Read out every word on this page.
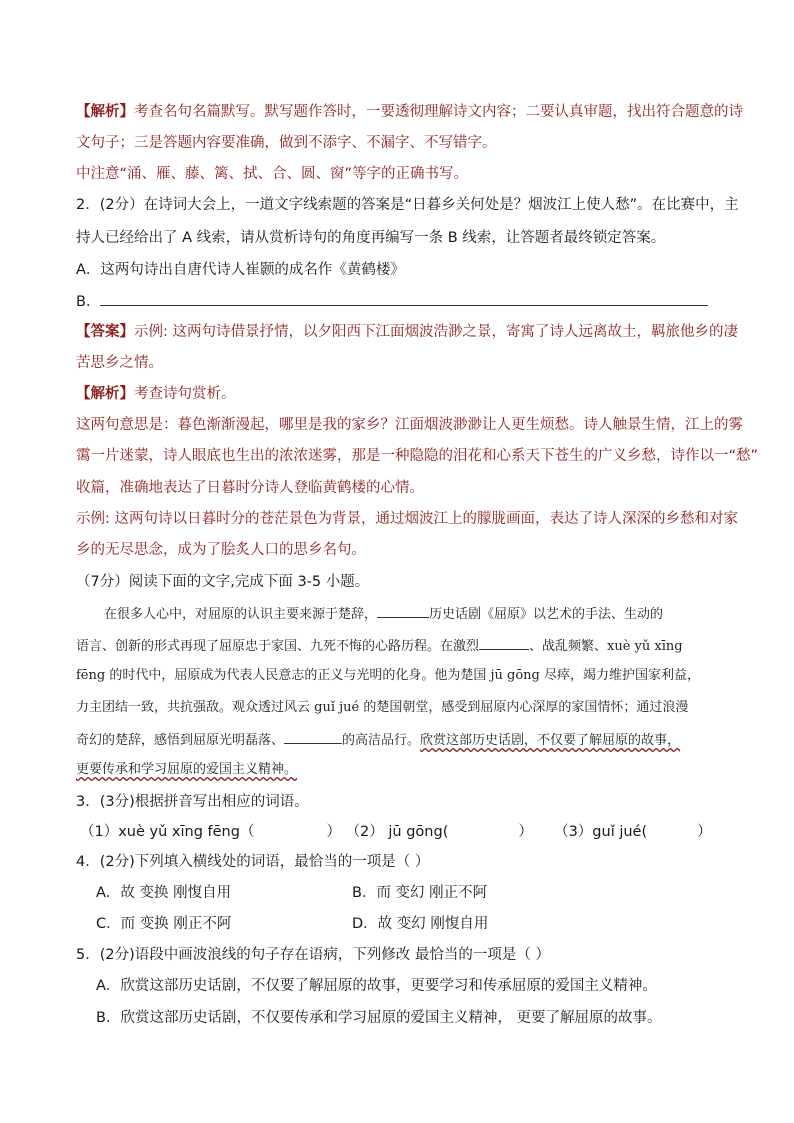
【解析】考查名句名篇默写。默写题作答时，一要透彻理解诗文内容；二要认真审题，找出符合题意的诗
文句子；三是答题内容要准确，做到不添字、不漏字、不写错字。
中注意“涌、雁、藤、篱、拭、合、圆、窗”等字的正确书写。
2．(2分）在诗词大会上，一道文字线索题的答案是“日暮乡关何处是？烟波江上使人愁”。在比赛中，主
持人已经给出了 A 线索，请从赏析诗句的角度再编写一条 B 线索，让答题者最终锁定答案。
A．这两句诗出自唐代诗人崔颢的成名作《黄鹤楼》
B．
【答案】示例: 这两句诗借景抒情，以夕阳西下江面烟波浩渺之景，寄寓了诗人远离故土，羁旅他乡的凄
苦思乡之情。
【解析】考查诗句赏析。
这两句意思是：暮色渐渐漫起，哪里是我的家乡？江面烟波渺渺让人更生烦愁。诗人触景生情，江上的雾
霭一片迷蒙，诗人眼底也生出的浓浓迷雾，那是一种隐隐的泪花和心系天下苍生的广义乡愁，诗作以一“愁”
收篇，准确地表达了日暮时分诗人登临黄鹤楼的心情。
示例: 这两句诗以日暮时分的苍茫景色为背景，通过烟波江上的朦胧画面，表达了诗人深深的乡愁和对家
乡的无尽思念，成为了脍炙人口的思乡名句。
（7分）阅读下面的文字,完成下面 3-5 小题。
在很多人心中，对屈原的认识主要来源于楚辞，	历史话剧《屈原》以艺术的手法、生动的
语言、创新的形式再现了屈原忠于家国、九死不悔的心路历程。在激烈	、战乱频繁、xuè yǔ xīng
fēng 的时代中，屈原成为代表人民意志的正义与光明的化身。他为楚国 jū gōng 尽瘁，竭力维护国家利益，
力主团结一致，共抗强敌。观众透过风云 guǐ jué 的楚国朝堂，感受到屈原内心深厚的家国情怀；通过浪漫
奇幻的楚辞，感悟到屈原光明磊落、	的高洁品行。欣赏这部历史话剧，不仅要了解屈原的故事，
更要传承和学习屈原的爱国主义精神。
3．(3分)根据拼音写出相应的词语。
（1）xuè yǔ xīng fēng（	） （2） jū gōng(	） （3）guǐ jué(	）
4．(2分)下列填入横线处的词语，最恰当的一项是（ ）
A．故 变换 刚愎自用	B．而 变幻 刚正不阿
C．而 变换 刚正不阿	D．故 变幻 刚愎自用
5．(2分)语段中画波浪线的句子存在语病，下列修改 最恰当的一项是（ ）
A．欣赏这部历史话剧，不仅要了解屈原的故事，更要学习和传承屈原的爱国主义精神。
B．欣赏这部历史话剧，不仅要传承和学习屈原的爱国主义精神， 更要了解屈原的故事。
